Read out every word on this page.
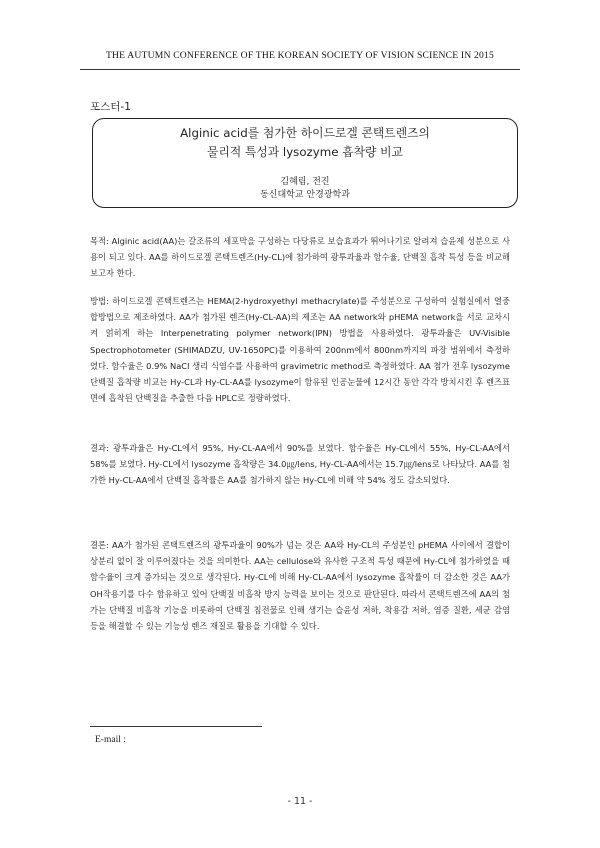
THE AUTUMN CONFERENCE OF THE KOREAN SOCIETY OF VISION SCIENCE IN 2015
포스터-1
Alginic acid를 첨가한 하이드로겔 콘택트렌즈의
물리적 특성과 lysozyme 흡착량 비교
김혜림, 전진
동신대학교 안경광학과
목적: Alginic acid(AA)는 갈조류의 세포막을 구성하는 다당류로 보습효과가 뛰어나기로 알려져 습윤제 성분으로 사용이 되고 있다. AA를 하이드로겔 콘택트렌즈(Hy-CL)에 첨가하여 광투과율과 함수율, 단백질 흡착 특성 등을 비교해보고자 한다.
방법: 하이드로겔 콘택트렌즈는 HEMA(2-hydroxyethyl methacrylate)를 주성분으로 구성하여 실험실에서 열중합방법으로 제조하였다. AA가 첨가된 렌즈(Hy-CL-AA)의 제조는 AA network와 pHEMA network을 서로 교차시켜 얽히게 하는 Interpenetrating polymer network(IPN) 방법을 사용하였다. 광투과율은 UV-Visible Spectrophotometer (SHIMADZU, UV-1650PC)를 이용하여 200nm에서 800nm까지의 파장 범위에서 측정하였다. 함수율은 0.9% NaCl 생리 식염수를 사용하여 gravimetric method로 측정하였다. AA 첨가 전후 lysozyme 단백질 흡착량 비교는 Hy-CL과 Hy-CL-AA를 lysozyme이 함유된 인공눈물에 12시간 동안 각각 방치시킨 후 렌즈표면에 흡착된 단백질을 추출한 다음 HPLC로 정량하였다.
결과: 광투과율은 Hy-CL에서 95%, Hy-CL-AA에서 90%를 보였다. 함수율은 Hy-CL에서 55%, Hy-CL-AA에서 58%를 보였다. Hy-CL에서 lysozyme 흡착량은 34.0㎍/lens, Hy-CL-AA에서는 15.7㎍/lens로 나타났다. AA를 첨가한 Hy-CL-AA에서 단백질 흡착률은 AA를 첨가하지 않는 Hy-CL에 비해 약 54% 정도 감소되었다.
결론: AA가 첨가된 콘택트렌즈의 광투과율이 90%가 넘는 것은 AA와 Hy-CL의 주성분인 pHEMA 사이에서 결합이 상분리 없이 잘 이루어졌다는 것을 의미한다. AA는 cellulose와 유사한 구조적 특성 때문에 Hy-CL에 첨가하였을 때 함수율이 크게 증가되는 것으로 생각된다. Hy-CL에 비해 Hy-CL-AA에서 lysozyme 흡착률이 더 감소한 것은 AA가 OH작용기를 다수 함유하고 있어 단백질 비흡착 방지 능력을 보이는 것으로 판단된다. 따라서 콘택트렌즈에 AA의 첨가는 단백질 비흡착 기능을 비롯하여 단백질 침전물로 인해 생기는 습윤성 저하, 착용감 저하, 염증 질환, 세균 감염 등을 해결할 수 있는 기능성 렌즈 재질로 활용을 기대할 수 있다.
E-mail :
- 11 -
